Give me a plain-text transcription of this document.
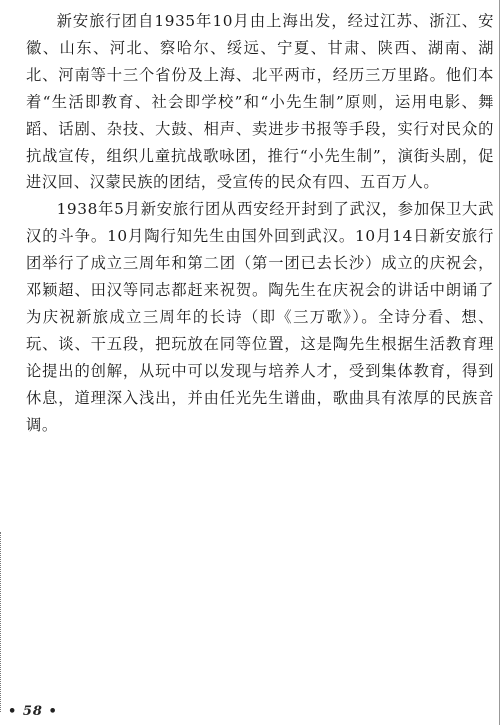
新安旅行团自1935年10月由上海出发，经过江苏、浙江、安徽、山东、河北、察哈尔、绥远、宁夏、甘肃、陕西、湖南、湖北、河南等十三个省份及上海、北平两市，经历三万里路。他们本着“生活即教育、社会即学校”和“小先生制”原则，运用电影、舞蹈、话剧、杂技、大鼓、相声、卖进步书报等手段，实行对民众的抗战宣传，组织儿童抗战歌咏团，推行“小先生制”，演街头剧，促进汉回、汉蒙民族的团结，受宣传的民众有四、五百万人。

1938年5月新安旅行团从西安经开封到了武汉，参加保卫大武汉的斗争。10月陶行知先生由国外回到武汉。10月14日新安旅行团举行了成立三周年和第二团（第一团已去长沙）成立的庆祝会，邓颖超、田汉等同志都赶来祝贺。陶先生在庆祝会的讲话中朗诵了为庆祝新旅成立三周年的长诗（即《三万歌》）。全诗分看、想、玩、谈、干五段，把玩放在同等位置，这是陶先生根据生活教育理论提出的创解，从玩中可以发现与培养人才，受到集体教育，得到休息，道理深入浅出，并由任光先生谱曲，歌曲具有浓厚的民族音调。

• 58 •
